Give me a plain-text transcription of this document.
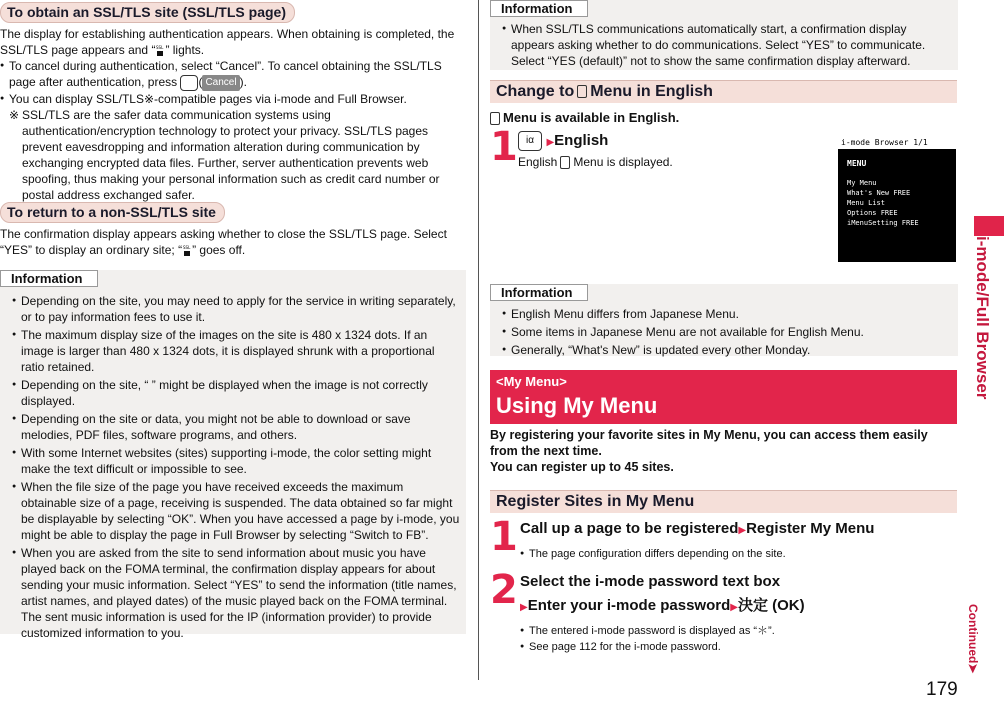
To obtain an SSL/TLS site (SSL/TLS page)

The display for establishing authentication appears. When obtaining is completed, the
SSL/TLS page appears and “ SSL ” lights.

● To cancel during authentication, select “Cancel”. To cancel obtaining the SSL/TLS
page after authentication, press ( Cancel ).

● You can display SSL/TLS※-compatible pages via i-mode and Full Browser.

※ SSL/TLS are the safer data communication systems using authentication/encryption technology to protect your privacy. SSL/TLS pages prevent eavesdropping and information alteration during communication by exchanging encrypted data files. Further, server authentication prevents web spoofing, thus making your personal information such as credit card number or postal address exchanged safer.

To return to a non-SSL/TLS site

The confirmation display appears asking whether to close the SSL/TLS page. Select
“YES” to display an ordinary site; “ SSL ” goes off.

Information

● Depending on the site, you may need to apply for the service in writing separately, or to pay information fees to use it.

● The maximum display size of the images on the site is 480 x 1324 dots. If an image is larger than 480 x 1324 dots, it is displayed shrunk with a proportional ratio retained.

● Depending on the site, “ ” might be displayed when the image is not correctly displayed.

● Depending on the site or data, you might not be able to download or save melodies, PDF files, software programs, and others.

● With some Internet websites (sites) supporting i-mode, the color setting might make the text difficult or impossible to see.

● When the file size of the page you have received exceeds the maximum obtainable size of a page, receiving is suspended. The data obtained so far might be displayable by selecting “OK”. When you have accessed a page by i-mode, you might be able to display the page in Full Browser by selecting “Switch to FB”.

● When you are asked from the site to send information about music you have played back on the FOMA terminal, the confirmation display appears for about sending your music information. Select “YES” to send the information (title names, artist names, and played dates) of the music played back on the FOMA terminal. The sent music information is used for the IP (information provider) to provide customized information to you.

Information

● When SSL/TLS communications automatically start, a confirmation display appears asking whether to do communications. Select “YES” to communicate. Select “YES (default)” not to show the same confirmation display afterward.

Change to Menu in English
Menu is available in English.
1 iα ▶English
English Menu is displayed.
Information

● English Menu differs from Japanese Menu.

● Some items in Japanese Menu are not available for English Menu.

● Generally, “What's New” is updated every other Monday.

<My Menu>
Using My Menu
By registering your favorite sites in My Menu, you can access them easily from the next time.
You can register up to 45 sites.
Register Sites in My Menu
1 Call up a page to be registered▶Register My Menu

● The page configuration differs depending on the site.

2 Select the i-mode password text box
▶Enter your i-mode password▶決定 (OK)

● The entered i-mode password is displayed as “＊”.

● See page 112 for the i-mode password.

i-mode Browser 1/1
MENU
My Menu
What's New FREE
Menu List
Options FREE
iMenuSetting FREE
i-mode/Full Browser
Continued➤
179
